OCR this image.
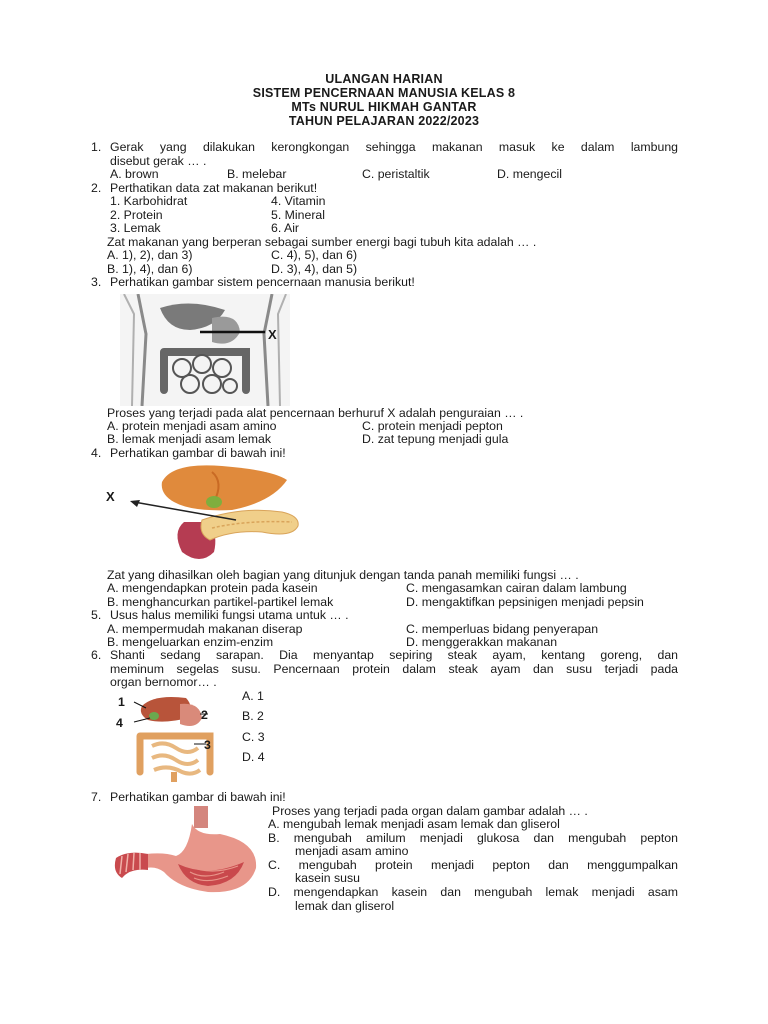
ULANGAN HARIAN
SISTEM PENCERNAAN MANUSIA KELAS 8
MTs NURUL HIKMAH GANTAR
TAHUN PELAJARAN 2022/2023
1. Gerak yang dilakukan kerongkongan sehingga makanan masuk ke dalam lambung
disebut gerak … .
A. brown	B. melebar	C. peristaltik	D. mengecil
2. Perthatikan data zat makanan berikut!
1. Karbohidrat
2. Protein
3. Lemak
4. Vitamin
5. Mineral
6. Air
Zat makanan yang berperan sebagai sumber energi bagi tubuh kita adalah … .
A. 1), 2), dan 3)
B. 1), 4), dan 6)
C. 4), 5), dan 6)
D. 3), 4), dan 5)
3. Perhatikan gambar sistem pencernaan manusia berikut!
X
Proses yang terjadi pada alat pencernaan berhuruf X adalah penguraian … .
A. protein menjadi asam amino
B. lemak menjadi asam lemak
C. protein menjadi pepton
D. zat tepung menjadi gula
4. Perhatikan gambar di bawah ini!
X
Zat yang dihasilkan oleh bagian yang ditunjuk dengan tanda panah memiliki fungsi … .
A. mengendapkan protein pada kasein
B. menghancurkan partikel-partikel lemak
C. mengasamkan cairan dalam lambung
D. mengaktifkan pepsinigen menjadi pepsin
5. Usus halus memiliki fungsi utama untuk … .
A. mempermudah makanan diserap
B. mengeluarkan enzim-enzim
C. memperluas bidang penyerapan
D. menggerakkan makanan
6. Shanti sedang sarapan. Dia menyantap sepiring steak ayam, kentang goreng, dan
meminum segelas susu. Pencernaan protein dalam steak ayam dan susu terjadi pada
organ bernomor… .
1
2
3
4
A. 1
B. 2
C. 3
D. 4
7. Perhatikan gambar di bawah ini!
Proses yang terjadi pada organ dalam gambar adalah … .
A. mengubah lemak menjadi asam lemak dan gliserol
B. mengubah amilum menjadi glukosa dan mengubah pepton
menjadi asam amino
C. mengubah protein menjadi pepton dan menggumpalkan
kasein susu
D. mengendapkan kasein dan mengubah lemak menjadi asam
lemak dan gliserol
